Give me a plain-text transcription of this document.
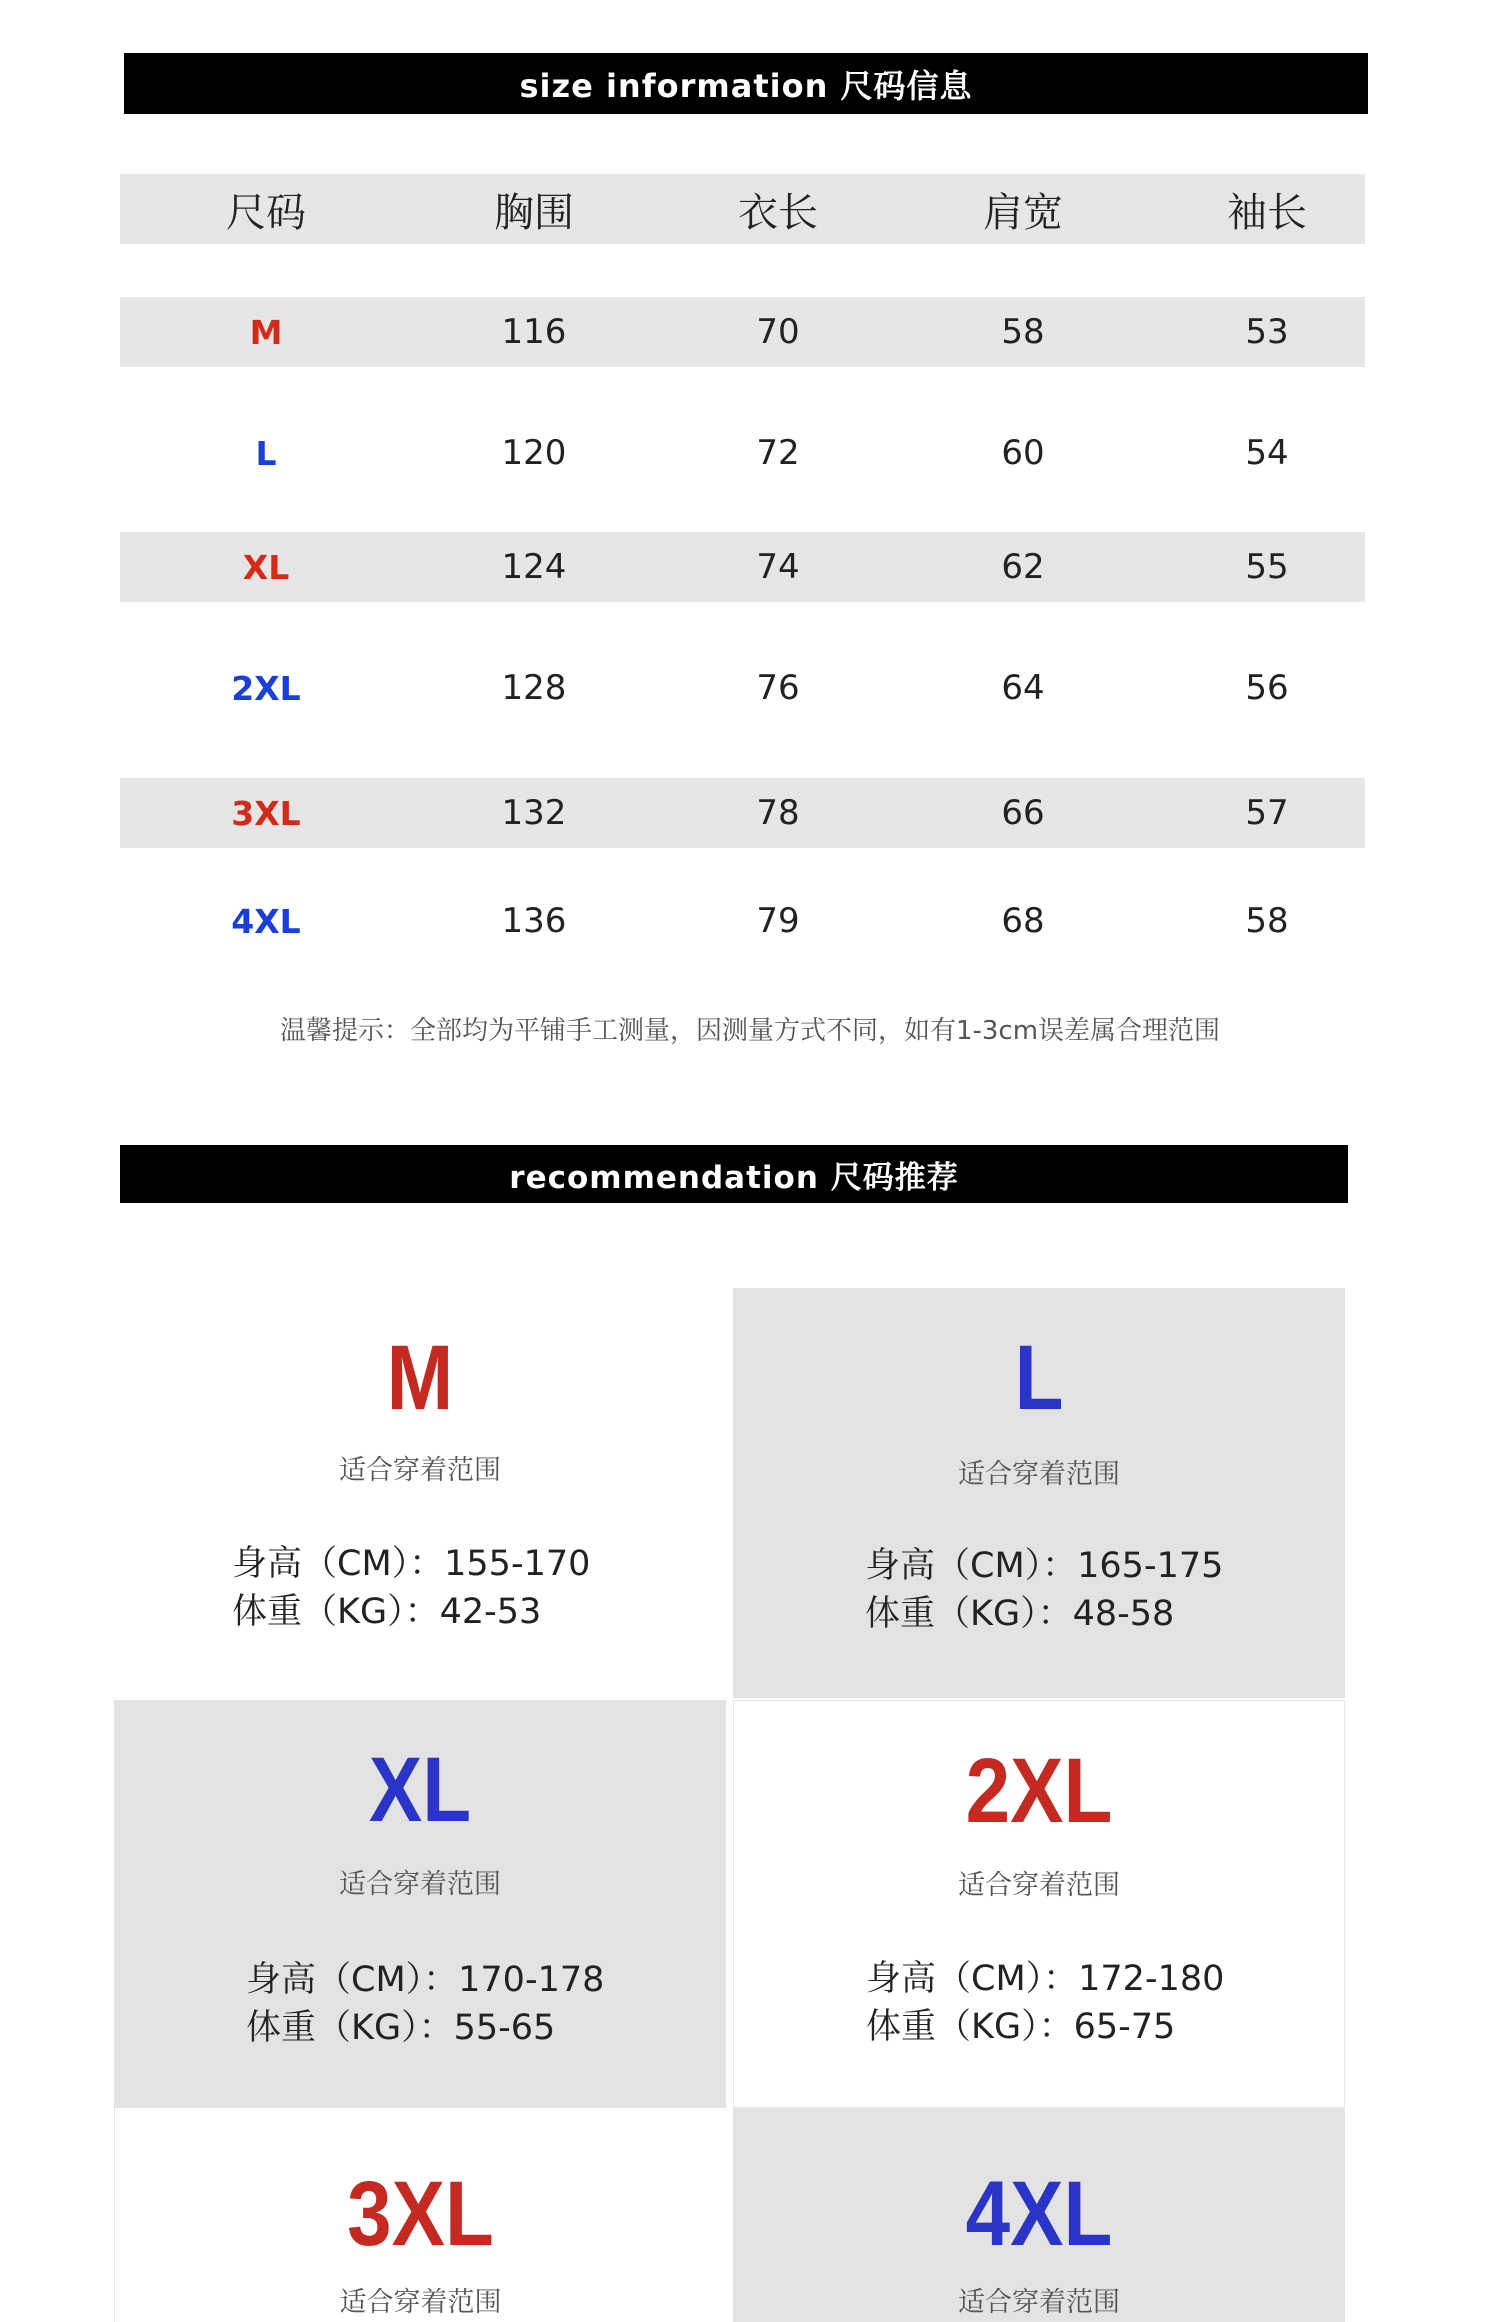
size information 尺码信息
尺码	胸围	衣长	肩宽	袖长
M	116	70	58	53
L	120	72	60	54
XL	124	74	62	55
2XL	128	76	64	56
3XL	132	78	66	57
4XL	136	79	68	58
温馨提示：全部均为平铺手工测量，因测量方式不同，如有1-3cm误差属合理范围
recommendation 尺码推荐
M
适合穿着范围
身高（CM）：155-170
体重（KG）：42-53
L
适合穿着范围
身高（CM）：165-175
体重（KG）：48-58
XL
适合穿着范围
身高（CM）：170-178
体重（KG）：55-65
2XL
适合穿着范围
身高（CM）：172-180
体重（KG）：65-75
3XL
适合穿着范围
4XL
适合穿着范围
